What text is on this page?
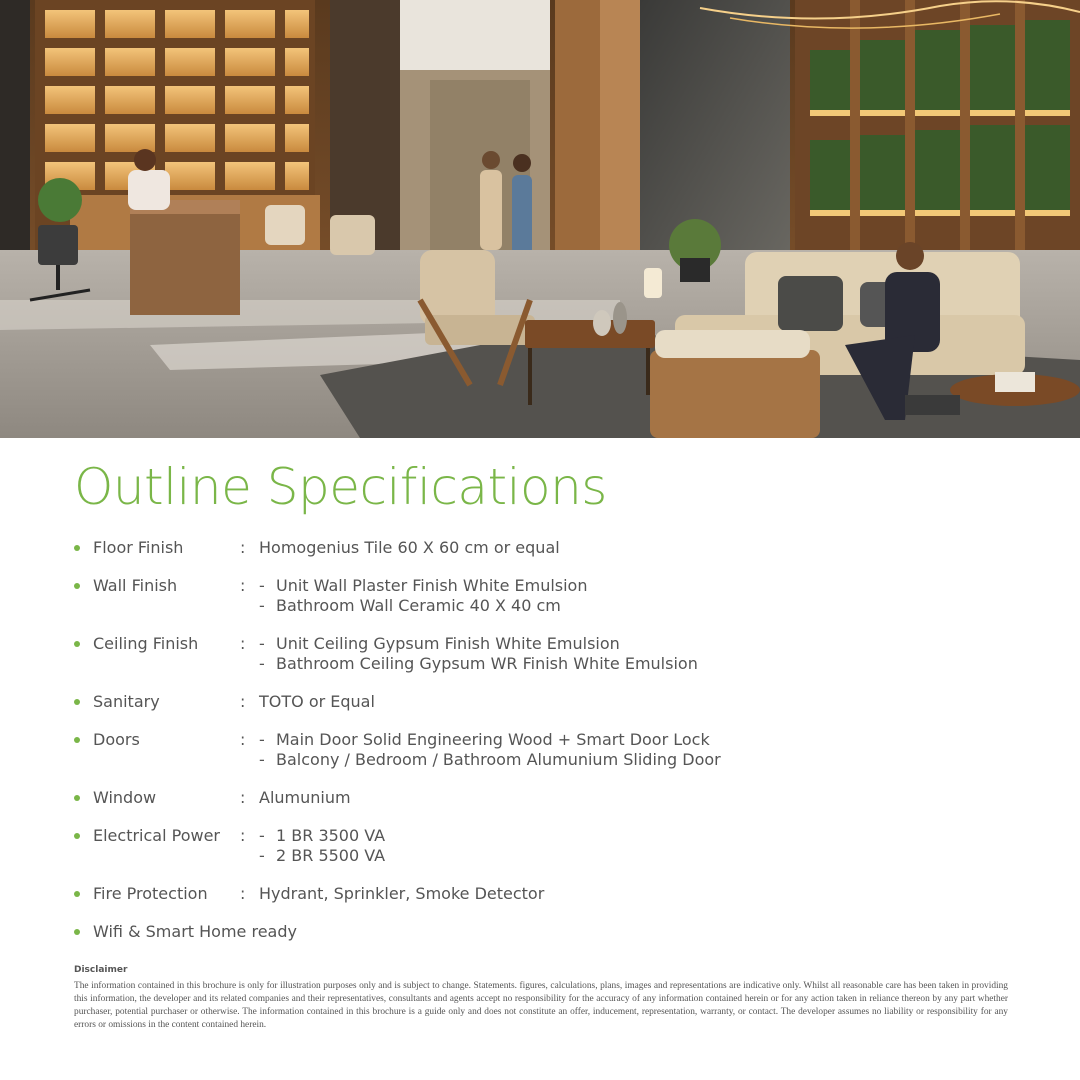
Outline Specifications
Floor Finish	: Homogenius Tile 60 X 60 cm or equal
Wall Finish	: - Unit Wall Plaster Finish White Emulsion
- Bathroom Wall Ceramic 40 X 40 cm
Ceiling Finish	: - Unit Ceiling Gypsum Finish White Emulsion
- Bathroom Ceiling Gypsum WR Finish White Emulsion
Sanitary	: TOTO or Equal
Doors	: - Main Door Solid Engineering Wood + Smart Door Lock
- Balcony / Bedroom / Bathroom Alumunium Sliding Door
Window	: Alumunium
Electrical Power : - 1 BR 3500 VA
- 2 BR 5500 VA
Fire Protection : Hydrant, Sprinkler, Smoke Detector
Wifi & Smart Home ready
Disclaimer

The information contained in this brochure is only for illustration purposes only and is subject to change. Statements. figures, calculations, plans, images and representations are indicative only. Whilst all reasonable care has been taken in providing this information, the developer and its related companies and their representatives, consultants and agents accept no responsibility for the accuracy of any information contained herein or for any action taken in reliance thereon by any part whether purchaser, potential purchaser or otherwise. The information contained in this brochure is a guide only and does not constitute an offer, inducement, representation, warranty, or contact. The developer assumes no liability or responsibility for any errors or omissions in the content contained herein.
